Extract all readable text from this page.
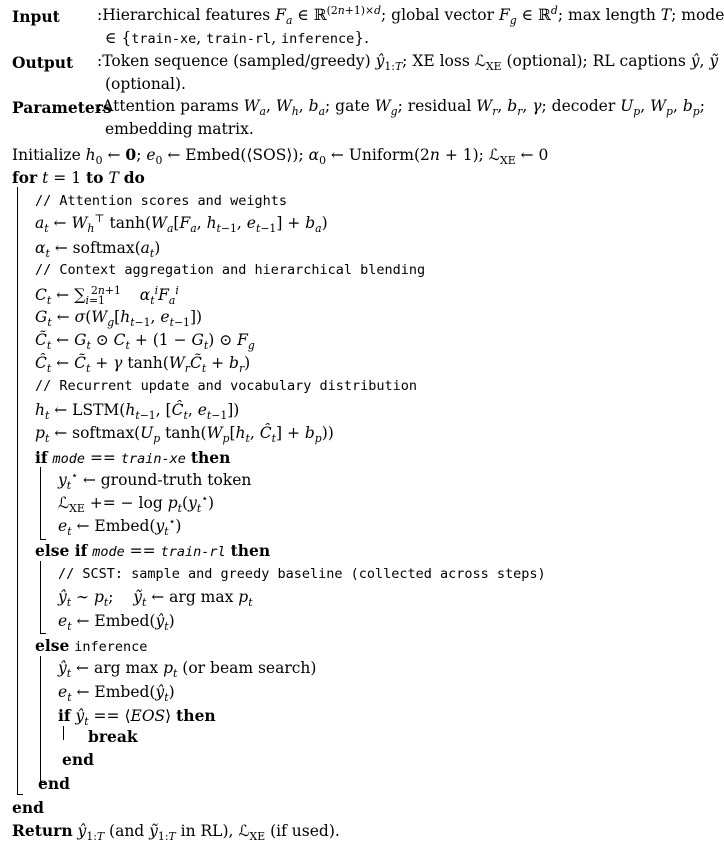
Input
Output
Parameters
:Hierarchical features $F_a$ ∈ ℝ$^{(2n+1)\times d}$; global vector $F_g$ ∈ ℝ$^d$; max length T; mode
∈ {train-xe, train-rl, inference}.
:Token sequence (sampled/greedy) $ŷ_{1:T}$; XE loss ℒ$_{XE}$ (optional); RL captions ŷ, ỹ
(optional).
:Attention params $W_a$, $W_h$, $b_a$; gate $W_g$; residual $W_r$, $b_r$, γ; decoder $U_p$, $W_p$, $b_p$;
embedding matrix.
Initialize $h_0$ ← 0; $e_0$ ← Embed(⟨SOS⟩); $\alpha_0$ ← Uniform(2n + 1); ℒ$_{XE}$ ← 0
for t = 1 to T do
// Attention scores and weights
$a_t$ ← $W_h^⊤$ $\tanh(W_a[F_a$, $h_{t-1}$, $e_{t-1}] + b_a$)
$\alpha_t$ ← $softmax(a_t)$
// Context aggregation and hierarchical blending
$C_t$ ← $\sum_{i=1}^{2n+1}$ $\alpha_t^iF_a^i$
$G_t$ ← $\sigma(W_g[h_{t-1}$, $e_{t-1}$])
$C̃_t$ ← $G_t$ ⊙ $C_t + (1 - G_t)$ ⊙ $F_g$
$Ĉ_t$ ← $C̃_t + \gamma$ $\tanh(W_rC̃_t + b_r)$
// Recurrent update and vocabulary distribution
$h_t$ ← $LSTM(h_{t-1}$, [$Ĉ_t$, $e_{t-1}$])
$p_t$ ← $softmax(U_p$ $\tanh(W_p[h_t$, $Ĉ_t] + b_p$))
if mode == train-xe then
$y_t^⋆$ ← ground-truth token
ℒ$_{XE}$ += − $\log p_t(y_t^⋆)$
$e_t$ ← $Embed(y_t^⋆)$
else if mode == train-rl then
// SCST: sample and greedy baseline (collected across steps)
$ŷ_t$ ∼ $p_t$;    ỹ$_t$ ← arg $\max p_t$
$e_t$ ← $Embed(ŷ_t)$
else inference
$ŷ_t$ ← arg $\max p_t$ (or beam search)
$e_t$ ← $Embed(ŷ_t)$
if $ŷ_t$ == ⟨EOS⟩ then
break
end
end
end
Return $ŷ_{1:T}$ (and ỹ$_{1:T}$ in RL), ℒ$_{XE}$ (if used).
